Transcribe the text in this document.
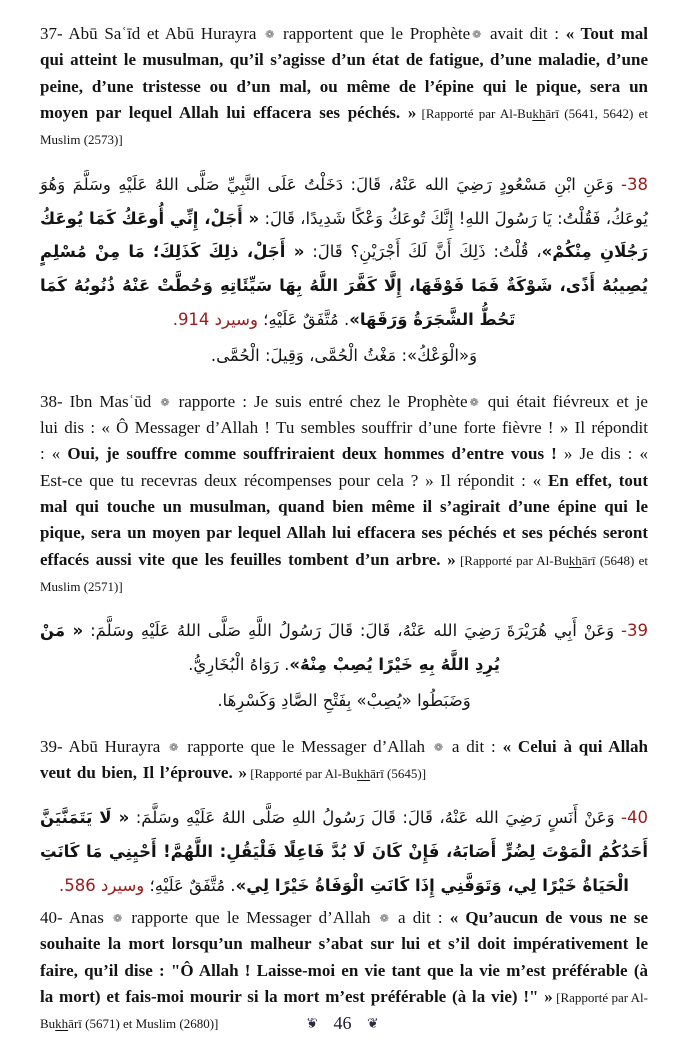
37- Abū Saʿīd et Abū Hurayra ❁ rapportent que le Prophète ❁ avait dit : « Tout mal qui atteint le musulman, qu’il s’agisse d’un état de fatigue, d’une maladie, d’une peine, d’une tristesse ou d’un mal, ou même de l’épine qui le pique, sera un moyen par lequel Allah lui effacera ses péchés. » [Rapporté par Al-Bukhārī (5641, 5642) et Muslim (2573)]

38- وَعَنِ ابْنِ مَسْعُودٍ رَضِيَ الله عَنْهُ، قَالَ: دَخَلْتُ عَلَى النَّبِيِّ صَلَّى اللهُ عَلَيْهِ وسَلَّمَ وَهُوَ يُوعَكُ، فَقُلْتُ: يَا رَسُولَ اللهِ! إِنَّكَ تُوعَكُ وَعْكًا شَدِيدًا، قَالَ: « أَجَلْ، إِنِّي أُوعَكُ كَمَا يُوعَكُ رَجُلَانِ مِنْكُمْ»، قُلْتُ: ذَلِكَ أَنَّ لَكَ أَجْرَيْنِ؟ قَالَ: « أَجَلْ، ذلِكَ كَذَلِكَ؛ مَا مِنْ مُسْلِمٍ يُصِيبُهُ أَذًى، شَوْكَةٌ فَمَا فَوْقَهَا، إِلَّا كَفَّرَ اللَّهُ بِهَا سَيِّئَاتِهِ وَحُطَّتْ عَنْهُ ذُنُوبُهُ كَمَا تَحُطُّ الشَّجَرَةُ وَرَقَهَا». مُتَّفَقٌ عَلَيْهِ؛ وسيرد 914.

وَ«الْوَعْكُ»: مَغْثُ الْحُمَّى، وَقِيلَ: الْحُمَّى.

38- Ibn Masʿūd ❁ rapporte : Je suis entré chez le Prophète ❁ qui était fiévreux et je lui dis : « Ô Messager d’Allah ! Tu sembles souffrir d’une forte fièvre ! » Il répondit : « Oui, je souffre comme souffriraient deux hommes d’entre vous ! » Je dis : « Est-ce que tu recevras deux récompenses pour cela ? » Il répondit : « En effet, tout mal qui touche un musulman, quand bien même il s’agirait d’une épine qui le pique, sera un moyen par lequel Allah lui effacera ses péchés et ses péchés seront effacés aussi vite que les feuilles tombent d’un arbre. » [Rapporté par Al-Bukhārī (5648) et Muslim (2571)]

39- وَعَنْ أَبِي هُرَيْرَةَ رَضِيَ الله عَنْهُ، قَالَ: قَالَ رَسُولُ اللَّهِ صَلَّى اللهُ عَلَيْهِ وسَلَّمَ: « مَنْ يُرِدِ اللَّهُ بِهِ خَيْرًا يُصِبْ مِنْهُ». رَوَاهُ الْبُخَارِيُّ.

وَضَبَطُوا «يُصِبْ» بِفَتْحِ الصَّادِ وَكَسْرِهَا.

39- Abū Hurayra ❁ rapporte que le Messager d’Allah ❁ a dit : « Celui à qui Allah veut du bien, Il l’éprouve. » [Rapporté par Al-Bukhārī (5645)]

40- وَعَنْ أَنَسٍ رَضِيَ الله عَنْهُ، قَالَ: قَالَ رَسُولُ اللهِ صَلَّى اللهُ عَلَيْهِ وسَلَّمَ: « لَا يَتَمَنَّيَنَّ أَحَدُكُمُ الْمَوْتَ لِضُرٍّ أَصَابَهُ، فَإِنْ كَانَ لَا بُدَّ فَاعِلًا فَلْيَقُلِ: اللَّهُمَّ! أَحْيِنِي مَا كَانَتِ الْحَيَاةُ خَيْرًا لِي، وَتَوَفَّنِي إِذَا كَانَتِ الْوَفَاةُ خَيْرًا لِي». مُتَّفَقٌ عَلَيْهِ؛ وسيرد 586.

40- Anas ❁ rapporte que le Messager d’Allah ❁ a dit : « Qu’aucun de vous ne se souhaite la mort lorsqu’un malheur s’abat sur lui et s’il doit impérativement le faire, qu’il dise : "Ô Allah ! Laisse-moi en vie tant que la vie m’est préférable (à la mort) et fais-moi mourir si la mort m’est préférable (à la vie) !" » [Rapporté par Al-Bukhārī (5671) et Muslim (2680)]	❦ 46 ❦
